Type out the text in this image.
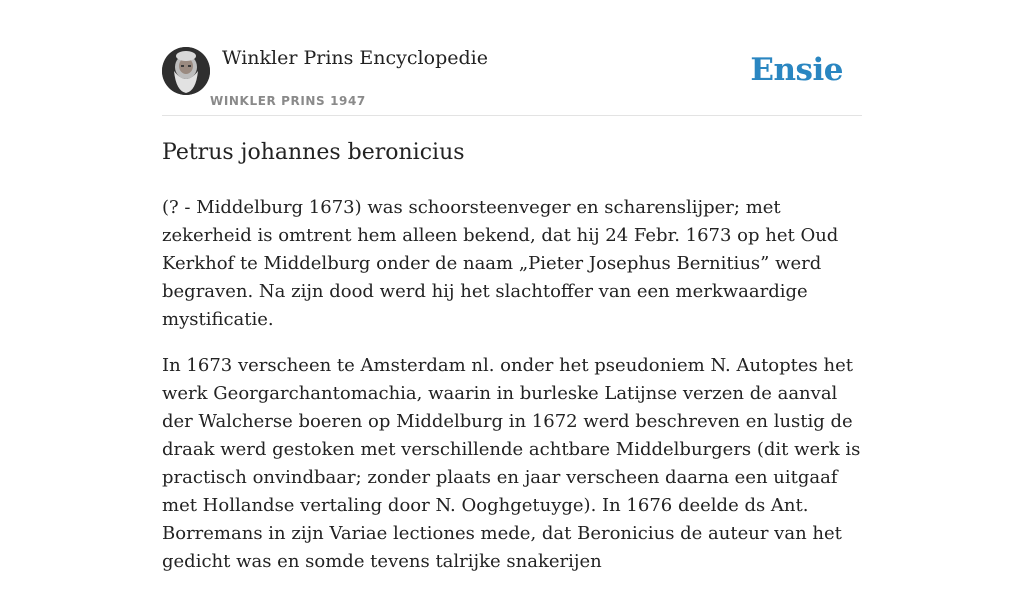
Winkler Prins Encyclopedie
WINKLER PRINS 1947
Ensie
Petrus johannes beronicius

(? - Middelburg 1673) was schoorsteenveger en scharenslijper; met zekerheid is omtrent hem alleen bekend, dat hij 24 Febr. 1673 op het Oud Kerkhof te Middelburg onder de naam „Pieter Josephus Bernitius” werd begraven. Na zijn dood werd hij het slachtoffer van een merkwaardige mystificatie.

In 1673 verscheen te Amsterdam nl. onder het pseudoniem N. Autoptes het werk Georgarchantomachia, waarin in burleske Latijnse verzen de aanval der Walcherse boeren op Middelburg in 1672 werd beschreven en lustig de draak werd gestoken met verschillende achtbare Middelburgers (dit werk is practisch onvindbaar; zonder plaats en jaar verscheen daarna een uitgaaf met Hollandse vertaling door N. Ooghgetuyge). In 1676 deelde ds Ant. Borremans in zijn Variae lectiones mede, dat Beronicius de auteur van het gedicht was en somde tevens talrijke snakerijen
